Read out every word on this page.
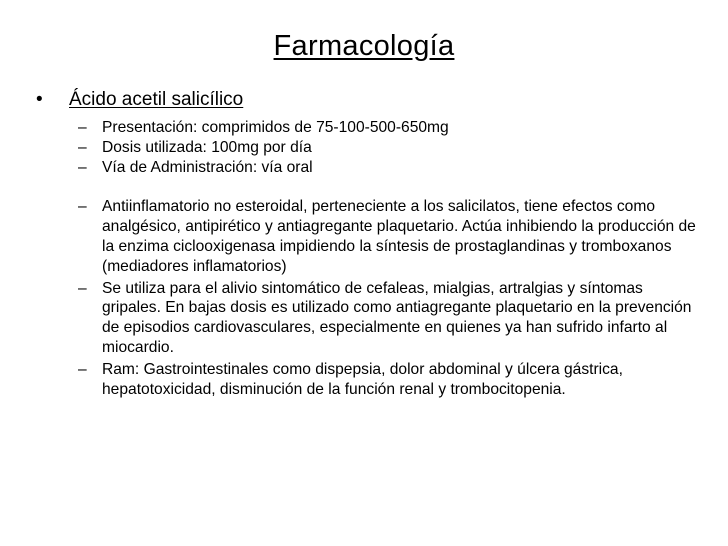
Farmacología
•	Ácido acetil salicílico
– Presentación: comprimidos de 75-100-500-650mg
– Dosis utilizada: 100mg por día
– Vía de Administración: vía oral
– Antiinflamatorio no esteroidal, perteneciente a los salicilatos, tiene efectos como analgésico, antipirético y antiagregante plaquetario. Actúa inhibiendo la producción de la enzima ciclooxigenasa impidiendo la síntesis de prostaglandinas y tromboxanos (mediadores inflamatorios)
– Se utiliza para el alivio sintomático de cefaleas, mialgias, artralgias y síntomas gripales. En bajas dosis es utilizado como antiagregante plaquetario en la prevención de episodios cardiovasculares, especialmente en quienes ya han sufrido infarto al miocardio.
– Ram: Gastrointestinales como dispepsia, dolor abdominal y úlcera gástrica, hepatotoxicidad, disminución de la función renal y trombocitopenia.
